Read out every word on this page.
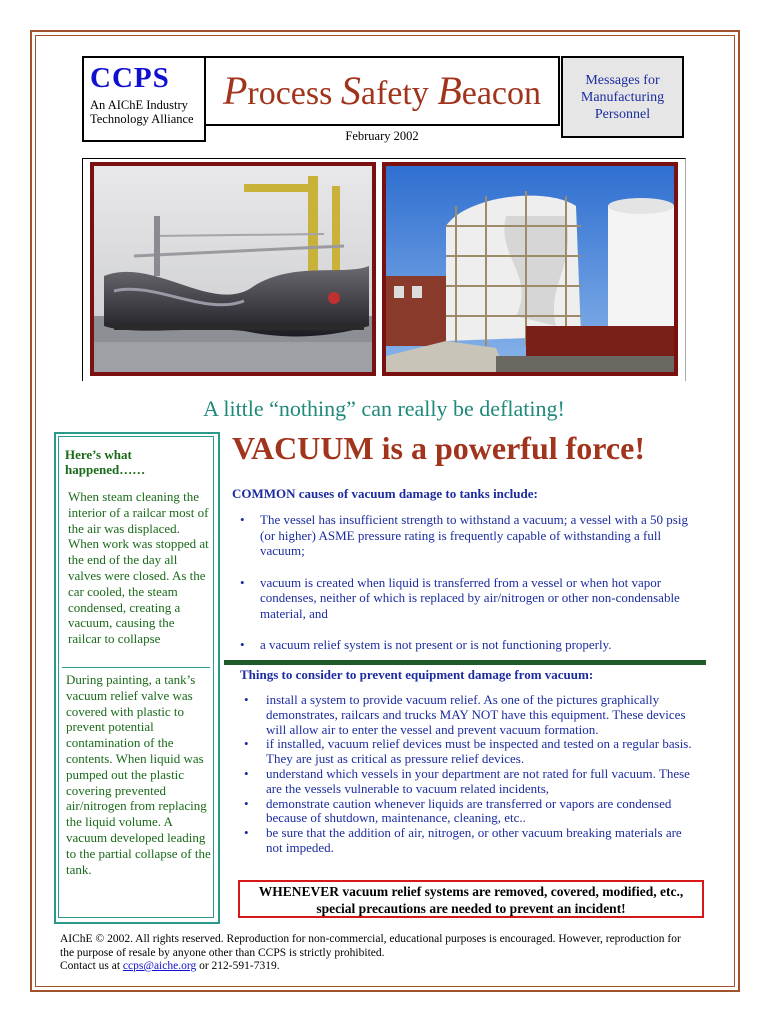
CCPS
An AIChE Industry Technology Alliance
Process Safety Beacon
February 2002
Messages for Manufacturing Personnel
A little “nothing” can really be deflating!
Here’s what happened……
When steam cleaning the interior of a railcar most of the air was displaced. When work was stopped at the end of the day all valves were closed. As the car cooled, the steam condensed, creating a vacuum, causing the railcar to collapse
During painting, a tank’s vacuum relief valve was covered with plastic to prevent potential contamination of the contents. When liquid was pumped out the plastic covering prevented air/nitrogen from replacing the liquid volume. A vacuum developed leading to the partial collapse of the tank.
VACUUM is a powerful force!
COMMON causes of vacuum damage to tanks include:
• The vessel has insufficient strength to withstand a vacuum; a vessel with a 50 psig (or higher) ASME pressure rating is frequently capable of withstanding a full vacuum;
• vacuum is created when liquid is transferred from a vessel or when hot vapor condenses, neither of which is replaced by air/nitrogen or other non-condensable material, and
• a vacuum relief system is not present or is not functioning properly.
Things to consider to prevent equipment damage from vacuum:
• install a system to provide vacuum relief. As one of the pictures graphically demonstrates, railcars and trucks MAY NOT have this equipment. These devices will allow air to enter the vessel and prevent vacuum formation.
• if installed, vacuum relief devices must be inspected and tested on a regular basis. They are just as critical as pressure relief devices.
• understand which vessels in your department are not rated for full vacuum. These are the vessels vulnerable to vacuum related incidents,
• demonstrate caution whenever liquids are transferred or vapors are condensed because of shutdown, maintenance, cleaning, etc..
• be sure that the addition of air, nitrogen, or other vacuum breaking materials are not impeded.
WHENEVER vacuum relief systems are removed, covered, modified, etc., special precautions are needed to prevent an incident!
AIChE © 2002. All rights reserved. Reproduction for non-commercial, educational purposes is encouraged. However, reproduction for the purpose of resale by anyone other than CCPS is strictly prohibited.
Contact us at ccps@aiche.org or 212-591-7319.
